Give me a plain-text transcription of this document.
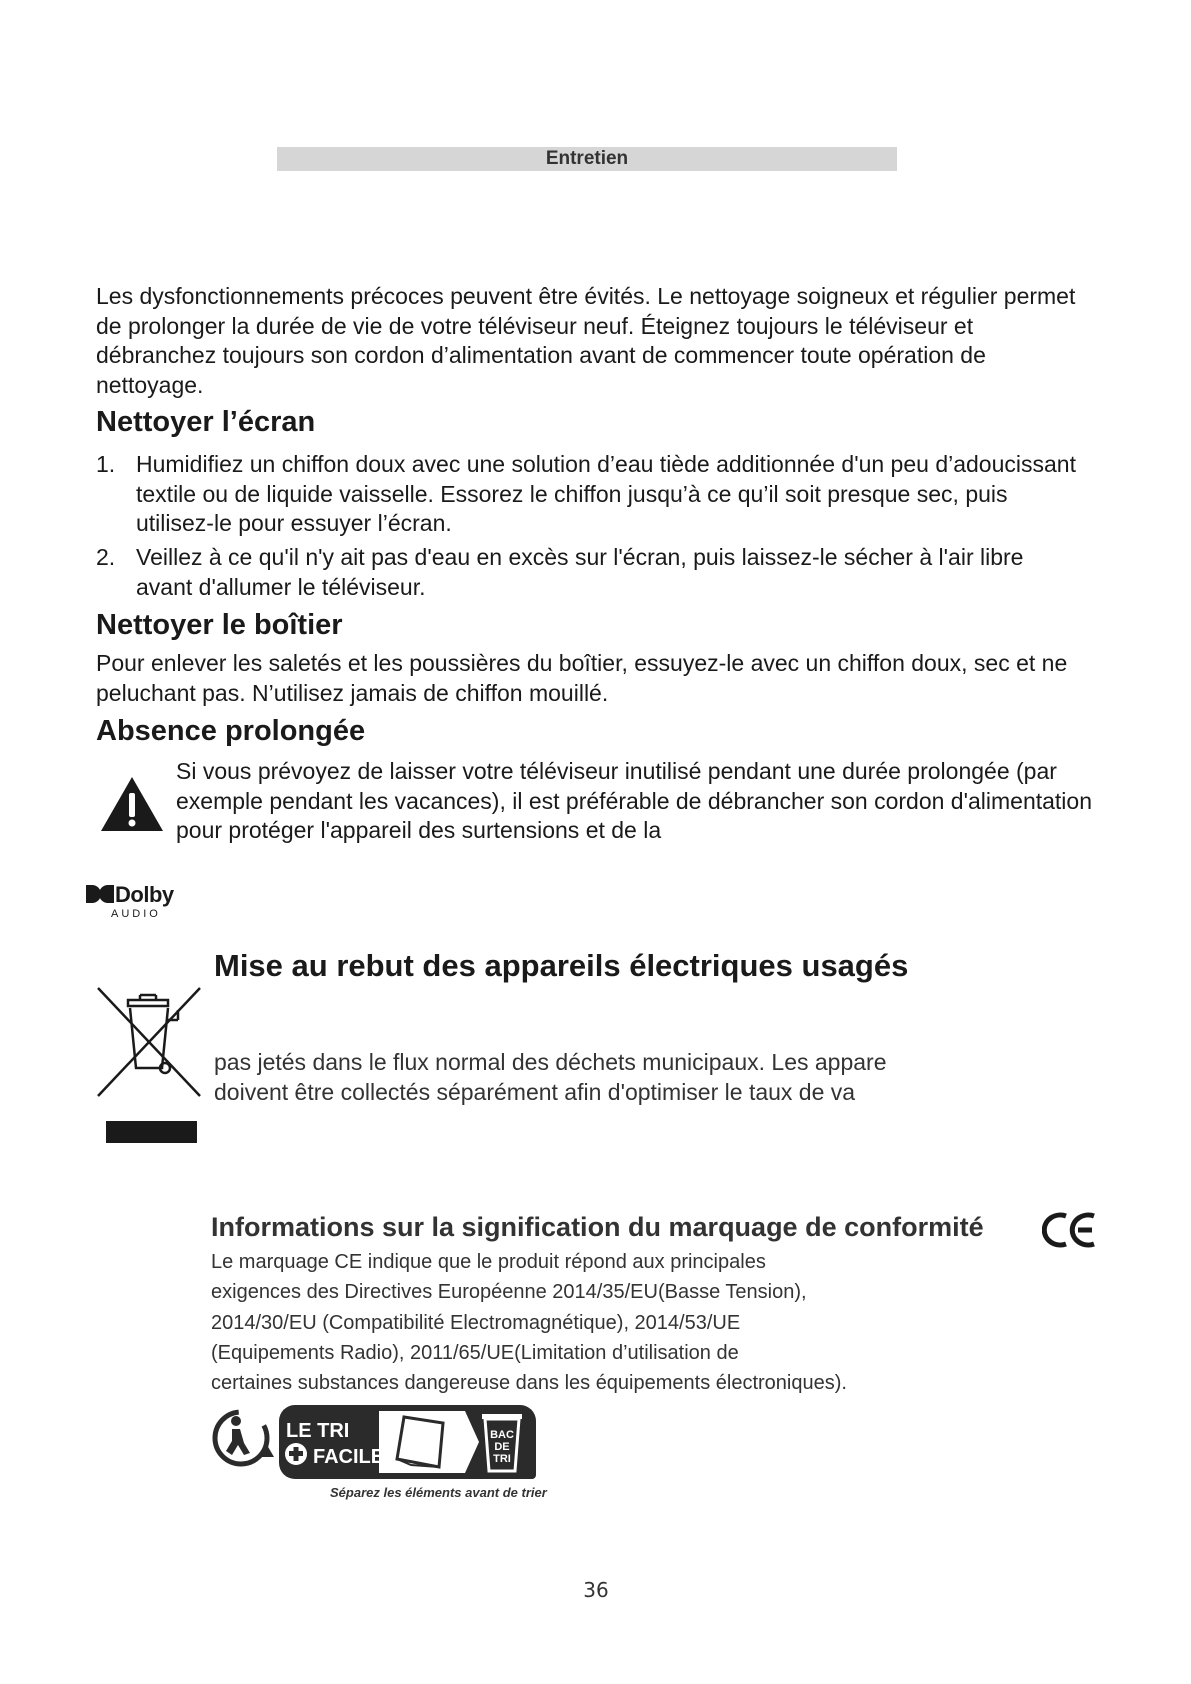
Entretien
Les dysfonctionnements précoces peuvent être évités. Le nettoyage soigneux et régulier permet de prolonger la durée de vie de votre téléviseur neuf. Éteignez toujours le téléviseur et débranchez toujours son cordon d’alimentation avant de commencer toute opération de nettoyage.
Nettoyer l’écran
1. Humidifiez un chiffon doux avec une solution d’eau tiède additionnée d'un peu d’adoucissant textile ou de liquide vaisselle. Essorez le chiffon jusqu’à ce qu’il soit presque sec, puis utilisez-le pour essuyer l’écran.
2. Veillez à ce qu'il n'y ait pas d'eau en excès sur l'écran, puis laissez-le sécher à l'air libre avant d'allumer le téléviseur.
Nettoyer le boîtier
Pour enlever les saletés et les poussières du boîtier, essuyez-le avec un chiffon doux, sec et ne peluchant pas. N’utilisez jamais de chiffon mouillé.
Absence prolongée
Si vous prévoyez de laisser votre téléviseur inutilisé pendant une durée prolongée (par exemple pendant les vacances), il est préférable de débrancher son cordon d'alimentation pour protéger l'appareil des surtensions et de la
Dolby
AUDIO
Mise au rebut des appareils électriques usagés
pas jetés dans le flux normal des déchets municipaux. Les appare
doivent être collectés séparément afin d'optimiser le taux de va
Informations sur la signification du marquage de conformité
Le marquage CE indique que le produit répond aux principales
exigences des Directives Européenne 2014/35/EU(Basse Tension),
2014/30/EU (Compatibilité Electromagnétique), 2014/53/UE
(Equipements Radio), 2011/65/UE(Limitation d’utilisation de
certaines substances dangereuse dans les équipements électroniques).
BAC
DE
TRI
LE TRI
FACILE
Séparez les éléments avant de trier
36
